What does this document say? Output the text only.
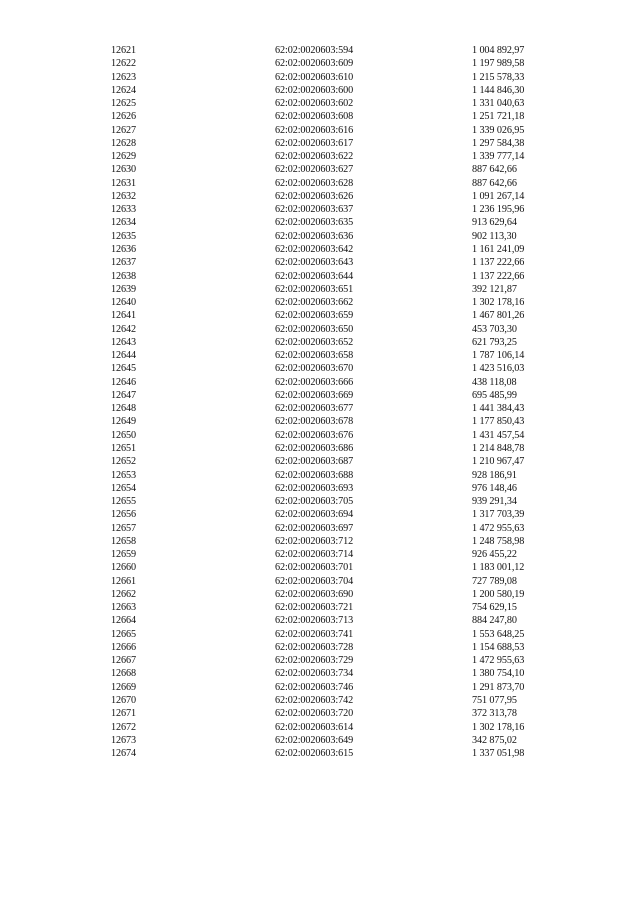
12621	62:02:0020603:594	1 004 892,97
12622	62:02:0020603:609	1 197 989,58
12623	62:02:0020603:610	1 215 578,33
12624	62:02:0020603:600	1 144 846,30
12625	62:02:0020603:602	1 331 040,63
12626	62:02:0020603:608	1 251 721,18
12627	62:02:0020603:616	1 339 026,95
12628	62:02:0020603:617	1 297 584,38
12629	62:02:0020603:622	1 339 777,14
12630	62:02:0020603:627	887 642,66
12631	62:02:0020603:628	887 642,66
12632	62:02:0020603:626	1 091 267,14
12633	62:02:0020603:637	1 236 195,96
12634	62:02:0020603:635	913 629,64
12635	62:02:0020603:636	902 113,30
12636	62:02:0020603:642	1 161 241,09
12637	62:02:0020603:643	1 137 222,66
12638	62:02:0020603:644	1 137 222,66
12639	62:02:0020603:651	392 121,87
12640	62:02:0020603:662	1 302 178,16
12641	62:02:0020603:659	1 467 801,26
12642	62:02:0020603:650	453 703,30
12643	62:02:0020603:652	621 793,25
12644	62:02:0020603:658	1 787 106,14
12645	62:02:0020603:670	1 423 516,03
12646	62:02:0020603:666	438 118,08
12647	62:02:0020603:669	695 485,99
12648	62:02:0020603:677	1 441 384,43
12649	62:02:0020603:678	1 177 850,43
12650	62:02:0020603:676	1 431 457,54
12651	62:02:0020603:686	1 214 848,78
12652	62:02:0020603:687	1 210 967,47
12653	62:02:0020603:688	928 186,91
12654	62:02:0020603:693	976 148,46
12655	62:02:0020603:705	939 291,34
12656	62:02:0020603:694	1 317 703,39
12657	62:02:0020603:697	1 472 955,63
12658	62:02:0020603:712	1 248 758,98
12659	62:02:0020603:714	926 455,22
12660	62:02:0020603:701	1 183 001,12
12661	62:02:0020603:704	727 789,08
12662	62:02:0020603:690	1 200 580,19
12663	62:02:0020603:721	754 629,15
12664	62:02:0020603:713	884 247,80
12665	62:02:0020603:741	1 553 648,25
12666	62:02:0020603:728	1 154 688,53
12667	62:02:0020603:729	1 472 955,63
12668	62:02:0020603:734	1 380 754,10
12669	62:02:0020603:746	1 291 873,70
12670	62:02:0020603:742	751 077,95
12671	62:02:0020603:720	372 313,78
12672	62:02:0020603:614	1 302 178,16
12673	62:02:0020603:649	342 875,02
12674	62:02:0020603:615	1 337 051,98
